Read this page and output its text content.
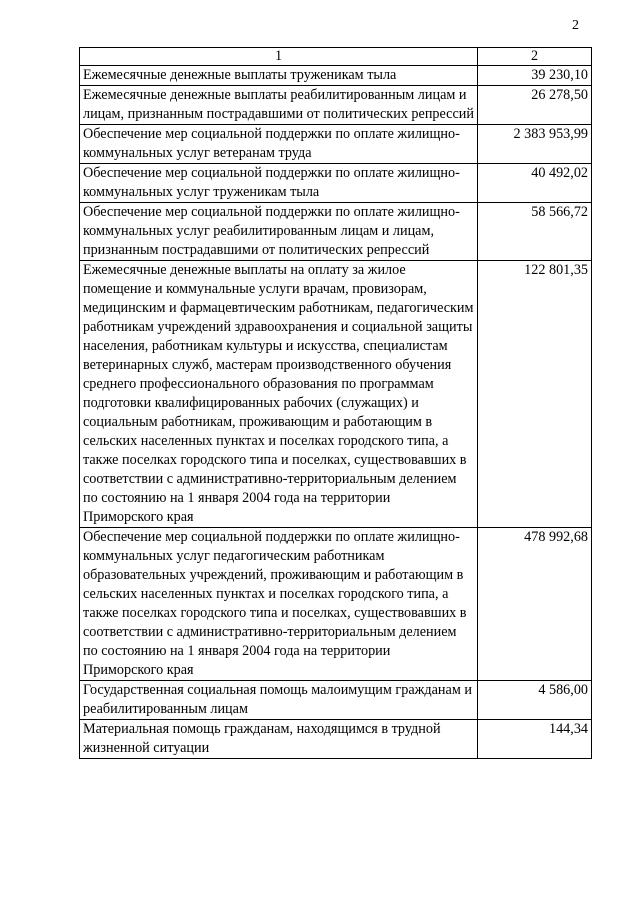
2
1	2
Ежемесячные денежные выплаты труженикам тыла	39 230,10
Ежемесячные денежные выплаты реабилитированным лицам и лицам, признанным пострадавшими от политических репрессий	26 278,50
Обеспечение мер социальной поддержки по оплате жилищно-коммунальных услуг ветеранам труда	2 383 953,99
Обеспечение мер социальной поддержки по оплате жилищно-коммунальных услуг труженикам тыла	40 492,02
Обеспечение мер социальной поддержки по оплате жилищно-коммунальных услуг реабилитированным лицам и лицам, признанным пострадавшими от политических репрессий	58 566,72
Ежемесячные денежные выплаты на оплату за жилое помещение и коммунальные услуги врачам, провизорам, медицинским и фармацевтическим работникам, педагогическим работникам учреждений здравоохранения и социальной защиты населения, работникам культуры и искусства, специалистам ветеринарных служб, мастерам производственного обучения среднего профессионального образования по программам подготовки квалифицированных рабочих (служащих) и социальным работникам, проживающим и работающим в сельских населенных пунктах и поселках городского типа, а также поселках городского типа и поселках, существовавших в соответствии с административно-территориальным делением по состоянию на 1 января 2004 года на территории Приморского края	122 801,35
Обеспечение мер социальной поддержки по оплате жилищно-коммунальных услуг педагогическим работникам образовательных учреждений, проживающим и работающим в сельских населенных пунктах и поселках городского типа, а также поселках городского типа и поселках, существовавших в соответствии с административно-территориальным делением по состоянию на 1 января 2004 года на территории Приморского края	478 992,68
Государственная социальная помощь малоимущим гражданам и реабилитированным лицам	4 586,00
Материальная помощь гражданам, находящимся в трудной жизненной ситуации	144,34
